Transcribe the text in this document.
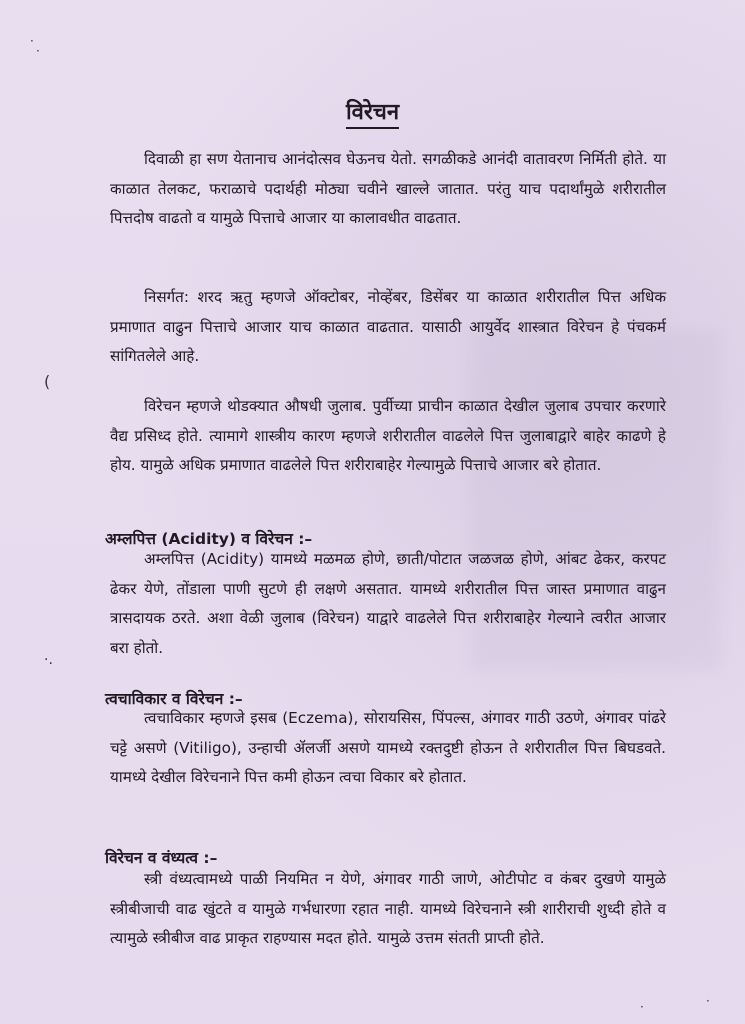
·
·
(
·.
·
·
विरेचन

दिवाळी हा सण येतानाच आनंदोत्सव घेऊनच येतो. सगळीकडे आनंदी वातावरण निर्मिती होते. या काळात तेलकट, फराळाचे पदार्थही मोठ्या चवीने खाल्ले जातात. परंतु याच पदार्थांमुळे शरीरातील पित्तदोष वाढतो व यामुळे पित्ताचे आजार या कालावधीत वाढतात.

निसर्गत: शरद ऋतु म्हणजे ऑक्टोबर, नोव्हेंबर, डिसेंबर या काळात शरीरातील पित्त अधिक प्रमाणात वाढुन पित्ताचे आजार याच काळात वाढतात. यासाठी आयुर्वेद शास्त्रात विरेचन हे पंचकर्म सांगितलेले आहे.

विरेचन म्हणजे थोडक्यात औषधी जुलाब. पुर्वीच्या प्राचीन काळात देखील जुलाब उपचार करणारे वैद्य प्रसिध्द होते. त्यामागे शास्त्रीय कारण म्हणजे शरीरातील वाढलेले पित्त जुलाबाद्वारे बाहेर काढणे हे होय. यामुळे अधिक प्रमाणात वाढलेले पित्त शरीराबाहेर गेल्यामुळे पित्ताचे आजार बरे होतात.

अम्लपित्त (Acidity) व विरेचन :–

अम्लपित्त (Acidity) यामध्ये मळमळ होणे, छाती/पोटात जळजळ होणे, आंबट ढेकर, करपट ढेकर येणे, तोंडाला पाणी सुटणे ही लक्षणे असतात. यामध्ये शरीरातील पित्त जास्त प्रमाणात वाढुन त्रासदायक ठरते. अशा वेळी जुलाब (विरेचन) याद्वारे वाढलेले पित्त शरीराबाहेर गेल्याने त्वरीत आजार बरा होतो.

त्वचाविकार व विरेचन :–

त्वचाविकार म्हणजे इसब (Eczema), सोरायसिस, पिंपल्स, अंगावर गाठी उठणे, अंगावर पांढरे चट्टे असणे (Vitiligo), उन्हाची ॲलर्जी असणे यामध्ये रक्तदुष्टी होऊन ते शरीरातील पित्त बिघडवते. यामध्ये देखील विरेचनाने पित्त कमी होऊन त्वचा विकार बरे होतात.

विरेचन व वंध्यत्व :–

स्त्री वंध्यत्वामध्ये पाळी नियमित न येणे, अंगावर गाठी जाणे, ओटीपोट व कंबर दुखणे यामुळे स्त्रीबीजाची वाढ खुंटते व यामुळे गर्भधारणा रहात नाही. यामध्ये विरेचनाने स्त्री शारीराची शुध्दी होते व त्यामुळे स्त्रीबीज वाढ प्राकृत राहण्यास मदत होते. यामुळे उत्तम संतती प्राप्ती होते.
